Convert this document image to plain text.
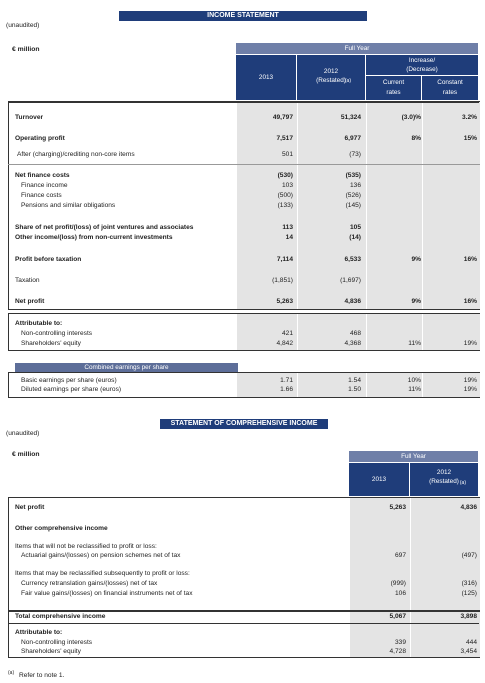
INCOME STATEMENT
(unaudited)
€ million	Full Year
2013
2012 (Restated)
(a)
Increase/ (Decrease)
Current rates
Constant rates
Turnover	49,797	51,324	(3.0)%	3.2%
Operating profit	7,517	6,977	8%	15%
After (charging)/crediting non-core items	501	(73)
Net finance costs	(530)	(535)
Finance income	103	136
Finance costs	(500)	(526)
Pensions and similar obligations	(133)	(145)
Share of net profit/(loss) of joint ventures and associates	113	105
Other income/(loss) from non-current investments	14	(14)
Profit before taxation	7,114	6,533	9%	16%
Taxation	(1,851)	(1,697)
Net profit	5,263	4,836	9%	16%
Attributable to:
Non-controlling interests	421	468
Shareholders' equity	4,842	4,368	11%	19%
Combined earnings per share
Basic earnings per share (euros)	1.71	1.54	10%	19%
Diluted earnings per share (euros)	1.66	1.50	11%	19%
STATEMENT OF COMPREHENSIVE INCOME
(unaudited)
€ million	Full Year
2013
2012 (Restated) (a)
Net profit	5,263	4,836
Other comprehensive income
Items that will not be reclassified to profit or loss:
Actuarial gains/(losses) on pension schemes net of tax	697	(497)
Items that may be reclassified subsequently to profit or loss:
Currency retranslation gains/(losses) net of tax	(999)	(316)
Fair value gains/(losses) on financial instruments net of tax	106	(125)
Total comprehensive income	5,067	3,898
Attributable to:
Non-controlling interests	339	444
Shareholders' equity	4,728	3,454
$^{(a)}$ Refer to note 1.
